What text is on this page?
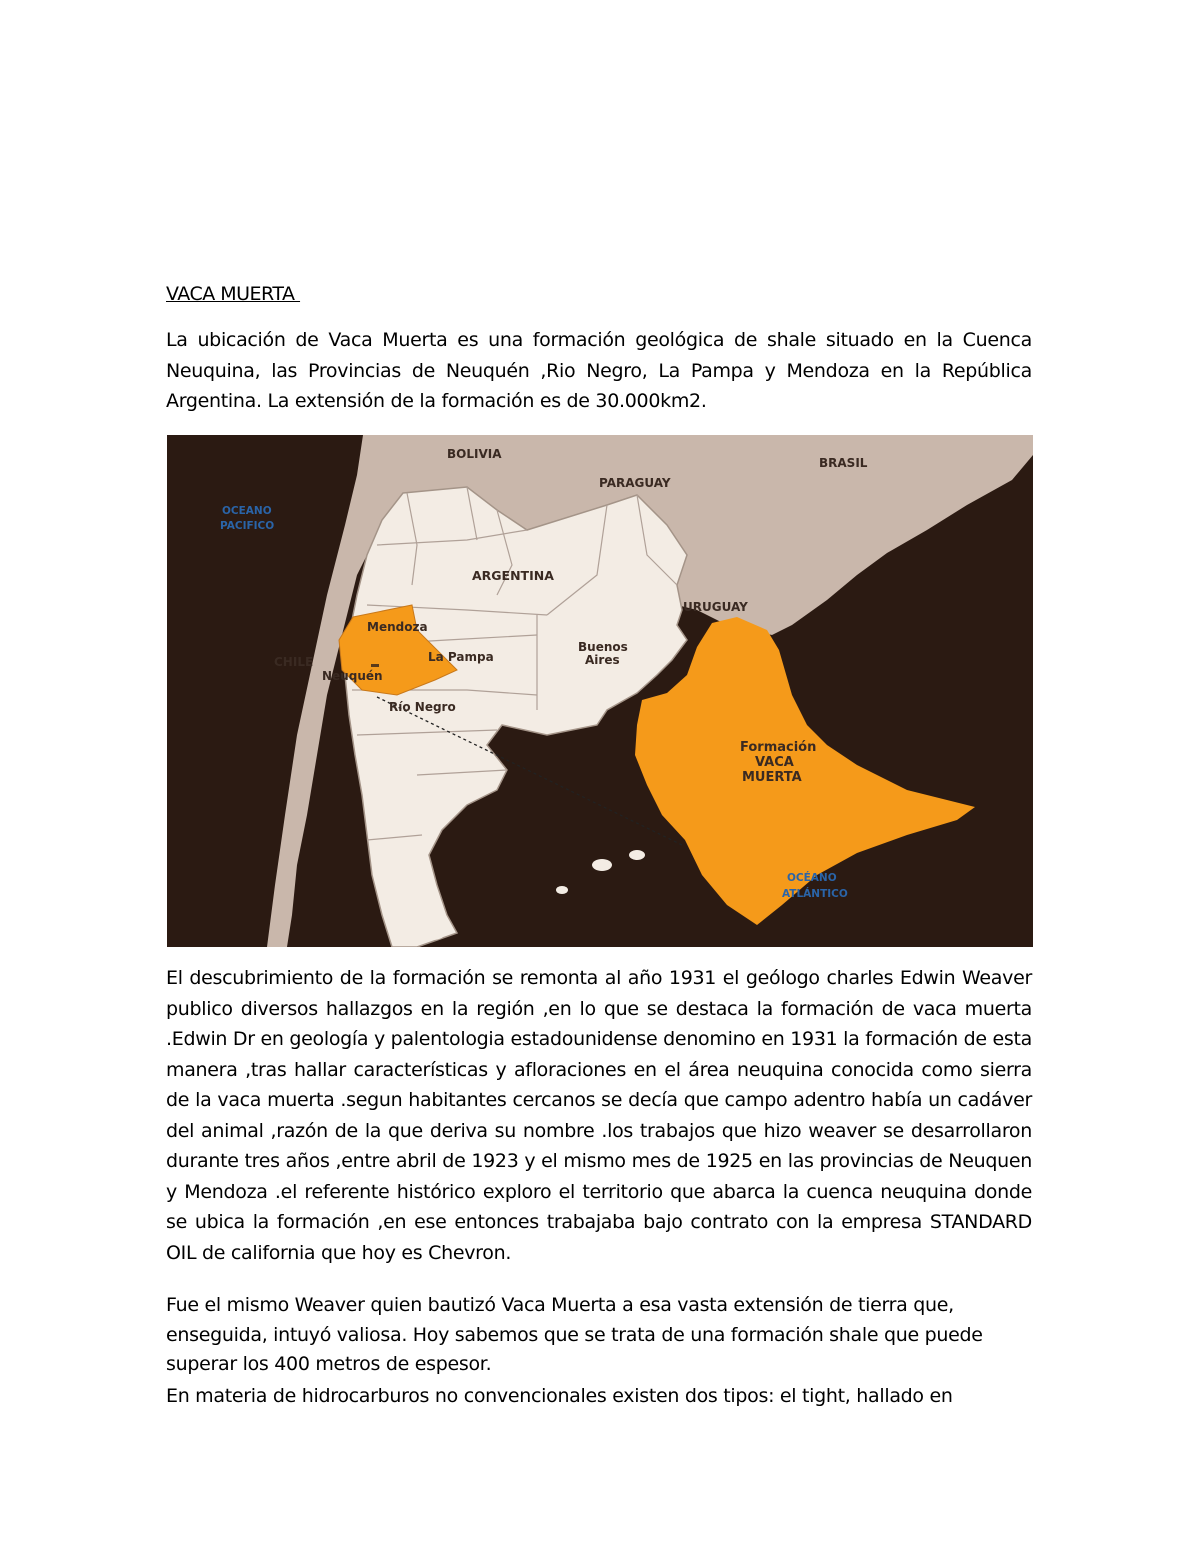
VACA MUERTA
La ubicación de Vaca Muerta es una formación geológica de shale situado en la Cuenca Neuquina, las Provincias de Neuquén ,Rio Negro, La Pampa y Mendoza en la República Argentina. La extensión de la formación es de 30.000km2.
BOLIVIA
PARAGUAY
BRASIL
OCEANO
PACIFICO
ARGENTINA
URUGUAY
Mendoza
CHILE	La Pampa
Buenos
Aires
Neuquén
Río Negro
Formación
VACA
MUERTA
OCÉANO
ATLÁNTICO
El descubrimiento de la formación se remonta al año 1931 el geólogo charles Edwin Weaver publico diversos hallazgos en la región ,en lo que se destaca la formación de vaca muerta .Edwin Dr en geología y palentologia estadounidense denomino en 1931 la formación de esta manera ,tras hallar características y afloraciones en el área neuquina conocida como sierra de la vaca muerta .segun habitantes cercanos se decía que campo adentro había un cadáver del animal ,razón de la que deriva su nombre .los trabajos que hizo weaver se desarrollaron durante tres años ,entre abril de 1923 y el mismo mes de 1925 en las provincias de Neuquen y Mendoza .el referente histórico exploro el territorio que abarca la cuenca neuquina donde se ubica la formación ,en ese entonces trabajaba bajo contrato con la empresa STANDARD OIL de california que hoy es Chevron.
Fue el mismo Weaver quien bautizó Vaca Muerta a esa vasta extensión de tierra que, enseguida, intuyó valiosa. Hoy sabemos que se trata de una formación shale que puede superar los 400 metros de espesor.
En materia de hidrocarburos no convencionales existen dos tipos: el tight, hallado en
